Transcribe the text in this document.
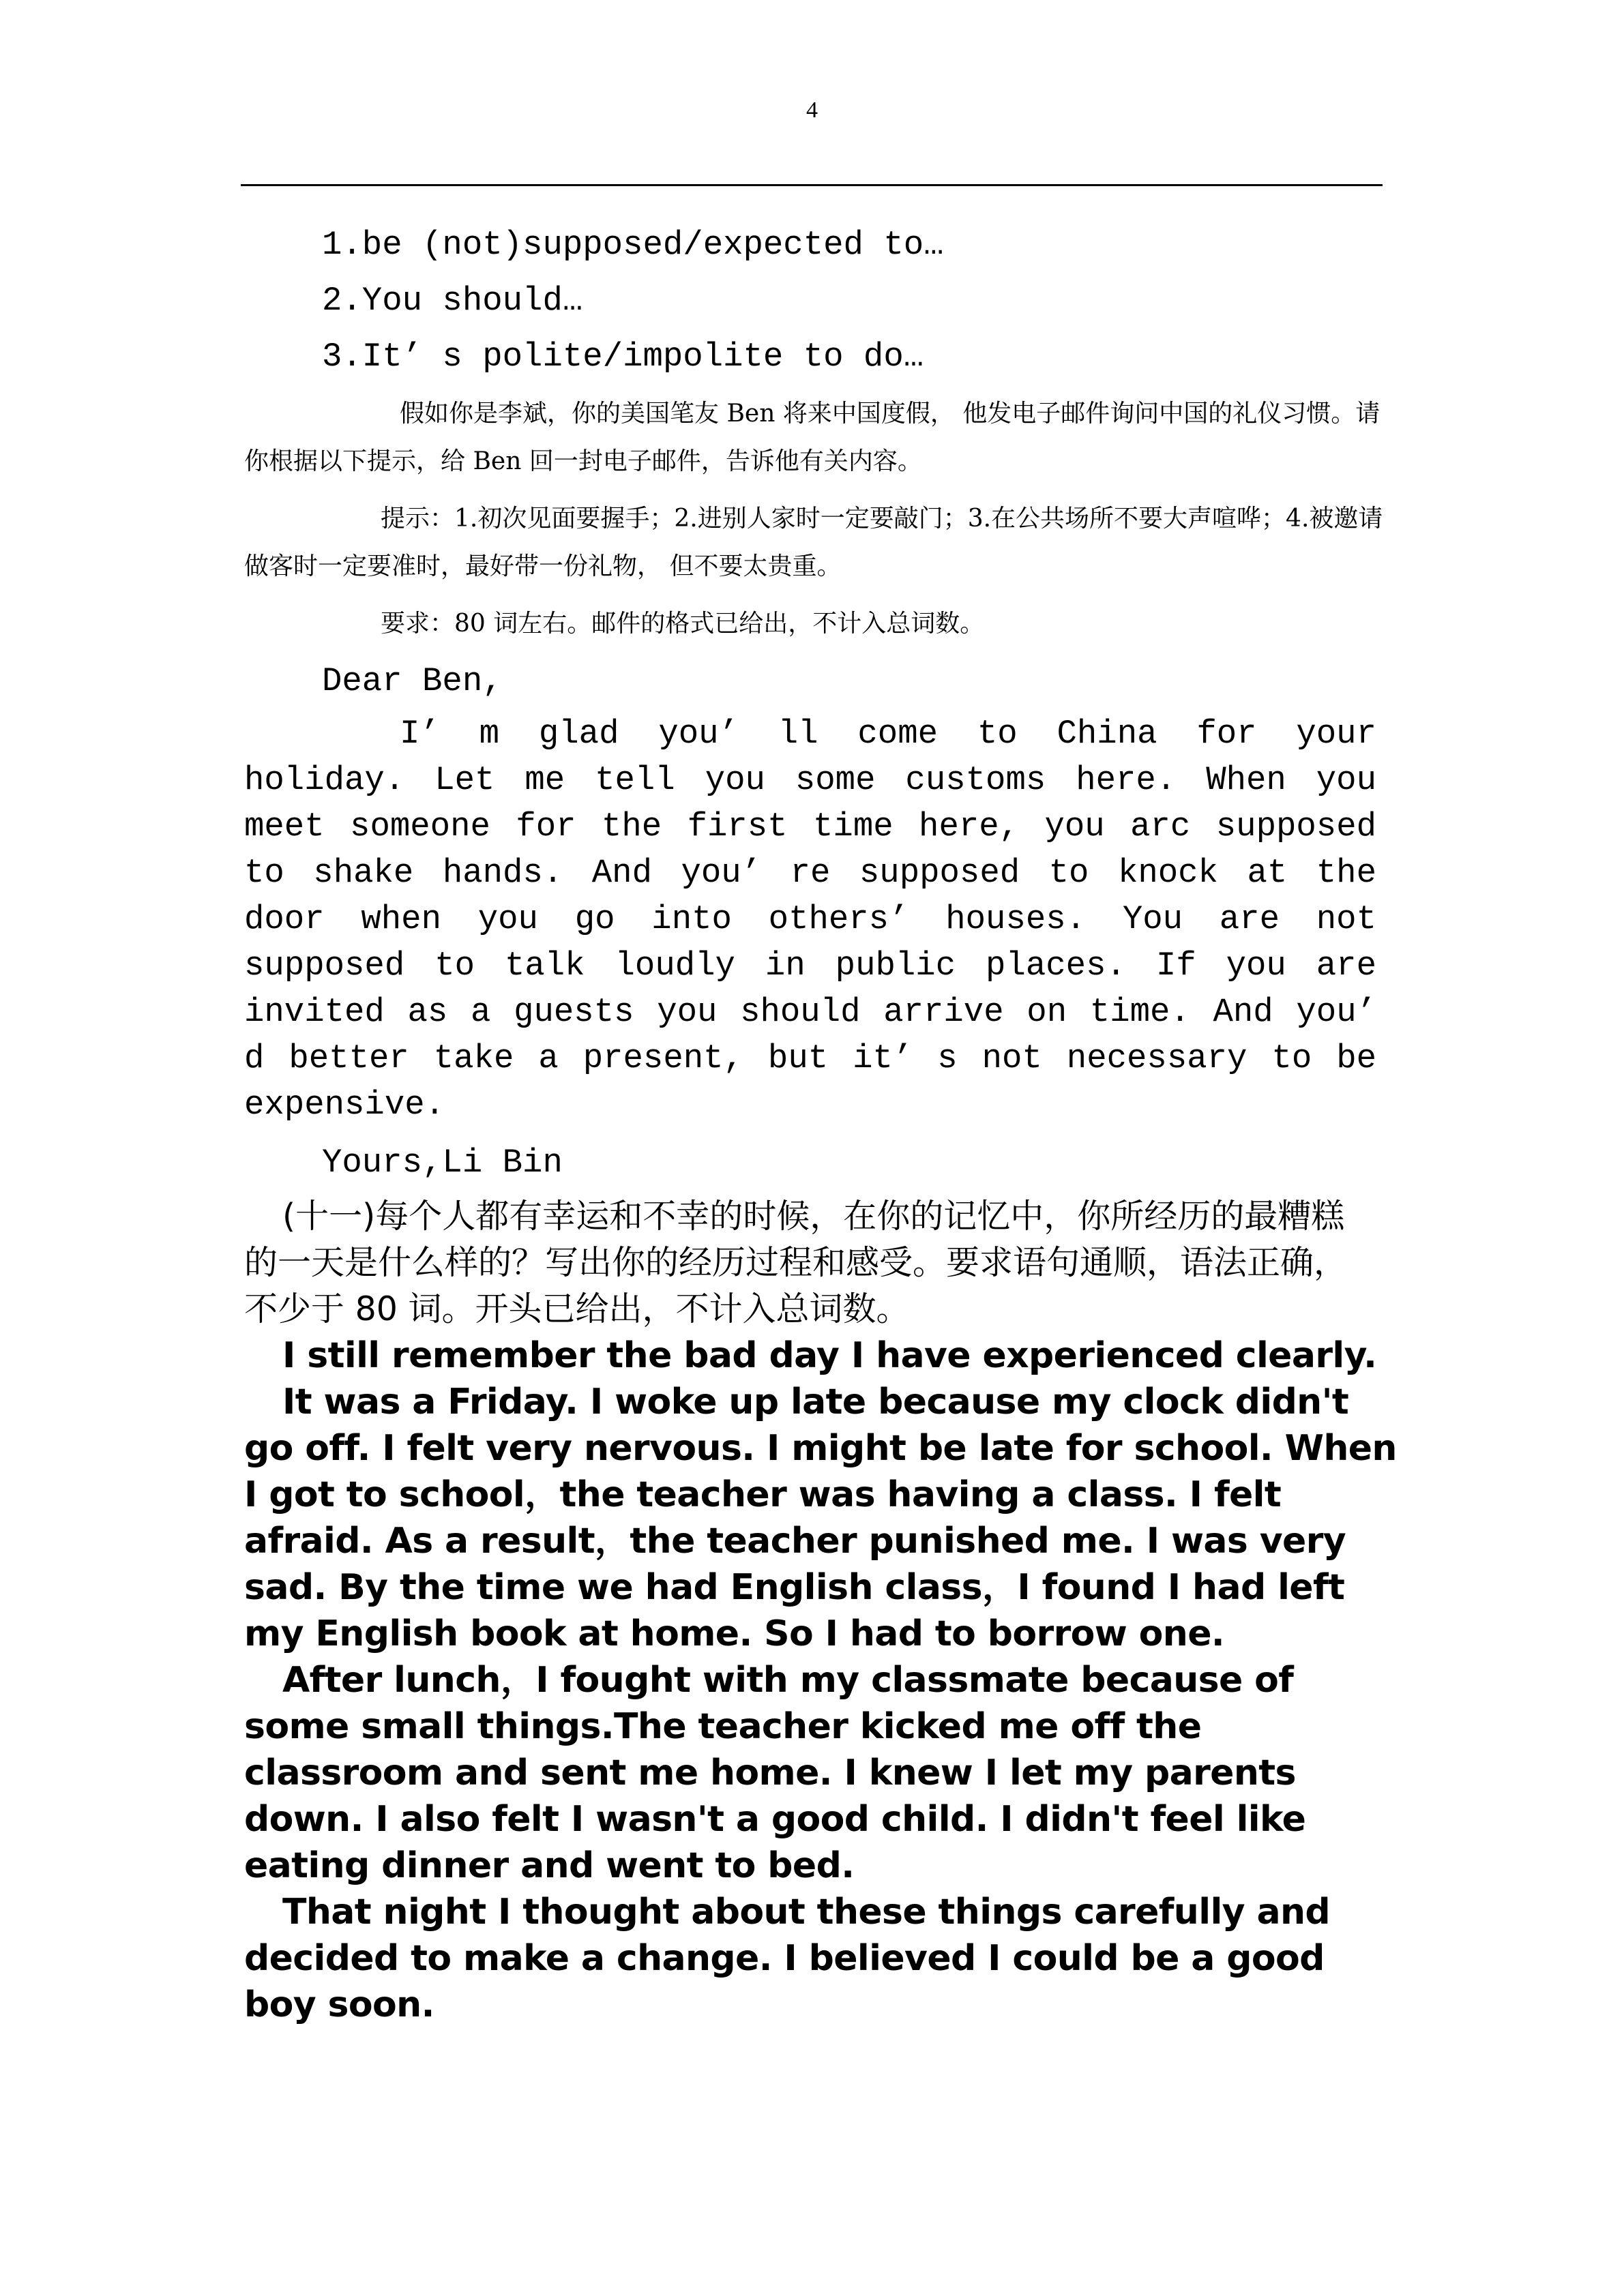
4
1.be (not)supposed/expected to…
2.You should…
3.It’ s polite/impolite to do…
假如你是李斌，你的美国笔友 Ben 将来中国度假， 他发电子邮件询问中国的礼仪习惯。请你根据以下提示，给 Ben 回一封电子邮件，告诉他有关内容。
提示：1.初次见面要握手；2.进别人家时一定要敲门；3.在公共场所不要大声喧哗；4.被邀请做客时一定要准时，最好带一份礼物， 但不要太贵重。
要求：80 词左右。邮件的格式已给出，不计入总词数。
Dear Ben,
I’ m glad you’ ll come to China for your holiday. Let me tell you some customs here. When you meet someone for the first time here, you arc supposed to shake hands. And you’ re supposed to knock at the door when you go into others’ houses. You are not supposed to talk loudly in public places. If you are invited as a guests you should arrive on time. And you’ d better take a present, but it’ s not necessary to be expensive.
Yours,Li Bin
(十一)每个人都有幸运和不幸的时候，在你的记忆中，你所经历的最糟糕的一天是什么样的？写出你的经历过程和感受。要求语句通顺，语法正确，不少于 80 词。开头已给出，不计入总词数。

I still remember the bad day I have experienced clearly.

It was a Friday. I woke up late because my clock didn't go off. I felt very nervous. I might be late for school. When I got to school，the teacher was having a class. I felt afraid. As a result，the teacher punished me. I was very sad. By the time we had English class，I found I had left my English book at home. So I had to borrow one.

After lunch，I fought with my classmate because of some small things.The teacher kicked me off the classroom and sent me home. I knew I let my parents down. I also felt I wasn't a good child. I didn't feel like eating dinner and went to bed.

That night I thought about these things carefully and decided to make a change. I believed I could be a good boy soon.
